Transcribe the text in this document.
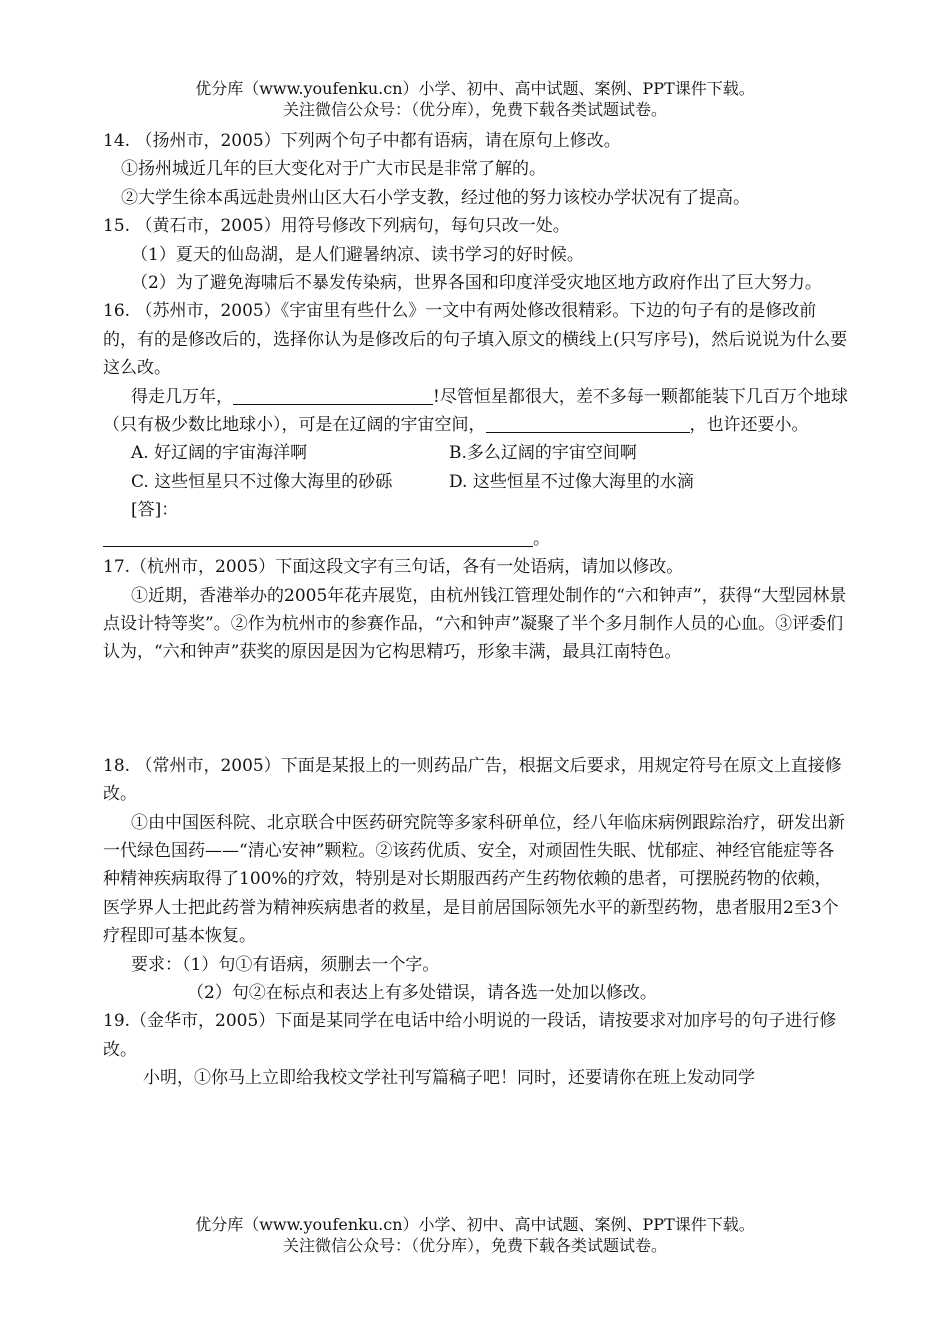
优分库（www.youfenku.cn）小学、初中、高中试题、案例、PPT课件下载。
关注微信公众号：（优分库），免费下载各类试题试卷。

14. （扬州市，2005）下列两个句子中都有语病，请在原句上修改。

①扬州城近几年的巨大变化对于广大市民是非常了解的。

②大学生徐本禹远赴贵州山区大石小学支教，经过他的努力该校办学状况有了提高。

15. （黄石市，2005）用符号修改下列病句，每句只改一处。

（1）夏天的仙岛湖，是人们避暑纳凉、读书学习的好时候。

（2）为了避免海啸后不暴发传染病，世界各国和印度洋受灾地区地方政府作出了巨大努力。

16. （苏州市，2005）《宇宙里有些什么》一文中有两处修改很精彩。下边的句子有的是修改前的，有的是修改后的，选择你认为是修改后的句子填入原文的横线上(只写序号)，然后说说为什么要这么改。

得走几万年，	!尽管恒星都很大，差不多每一颗都能装下几百万个地球（只有极少数比地球小），可是在辽阔的宇宙空间，	，也许还要小。

A. 好辽阔的宇宙海洋啊	B.多么辽阔的宇宙空间啊
C. 这些恒星只不过像大海里的砂砾	D. 这些恒星不过像大海里的水滴

[答]：

。

17.（杭州市，2005）下面这段文字有三句话，各有一处语病，请加以修改。

①近期，香港举办的2005年花卉展览，由杭州钱江管理处制作的“六和钟声”，获得“大型园林景点设计特等奖”。②作为杭州市的参赛作品，“六和钟声”凝聚了半个多月制作人员的心血。③评委们认为，“六和钟声”获奖的原因是因为它构思精巧，形象丰满，最具江南特色。

18. （常州市，2005）下面是某报上的一则药品广告，根据文后要求，用规定符号在原文上直接修改。

①由中国医科院、北京联合中医药研究院等多家科研单位，经八年临床病例跟踪治疗，研发出新一代绿色国药——“清心安神”颗粒。②该药优质、安全，对顽固性失眠、忧郁症、神经官能症等各种精神疾病取得了100%的疗效，特别是对长期服西药产生药物依赖的患者，可摆脱药物的依赖，医学界人士把此药誉为精神疾病患者的救星，是目前居国际领先水平的新型药物，患者服用2至3个疗程即可基本恢复。

要求：（1）句①有语病，须删去一个字。

（2）句②在标点和表达上有多处错误，请各选一处加以修改。

19.（金华市，2005）下面是某同学在电话中给小明说的一段话，请按要求对加序号的句子进行修改。

小明，①你马上立即给我校文学社刊写篇稿子吧！同时，还要请你在班上发动同学

优分库（www.youfenku.cn）小学、初中、高中试题、案例、PPT课件下载。
关注微信公众号：（优分库），免费下载各类试题试卷。
